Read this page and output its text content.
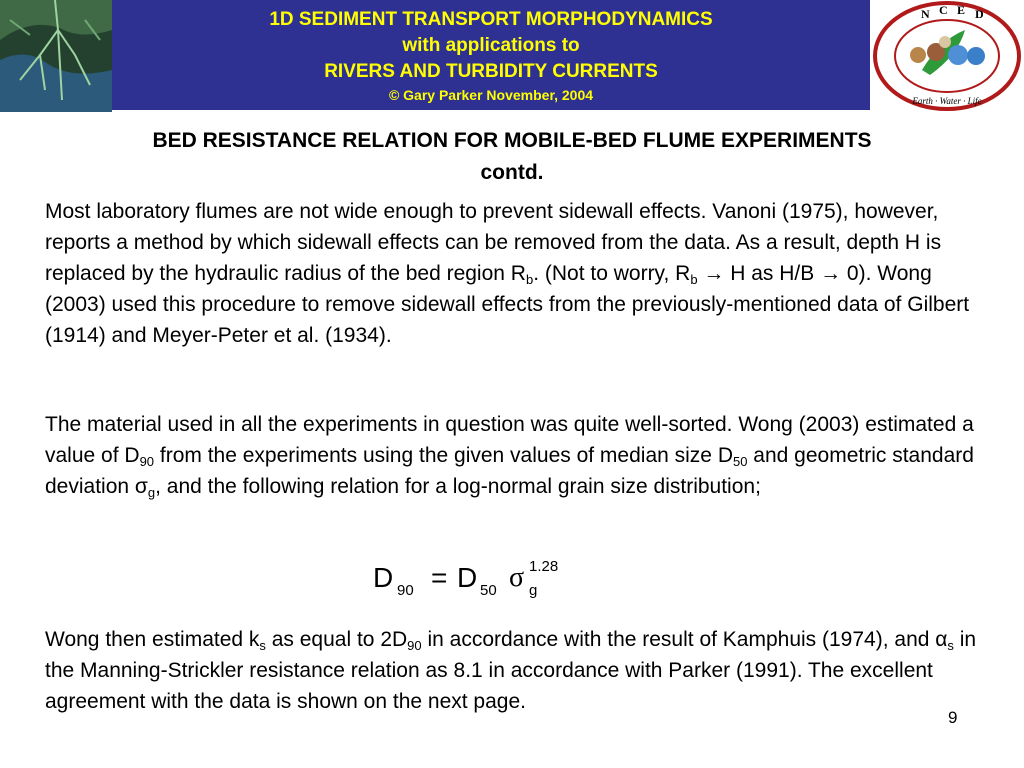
1D SEDIMENT TRANSPORT MORPHODYNAMICS
with applications to
RIVERS AND TURBIDITY CURRENTS
© Gary Parker November, 2004
N C E D
Earth · Water · Life
BED RESISTANCE RELATION FOR MOBILE-BED FLUME EXPERIMENTS
contd.
Most laboratory flumes are not wide enough to prevent sidewall effects. Vanoni (1975), however, reports a method by which sidewall effects can be removed from the data. As a result, depth H is replaced by the hydraulic radius of the bed region $R_b$. (Not to worry, $R_b \to H$ as H/B → 0). Wong (2003) used this procedure to remove sidewall effects from the previously-mentioned data of Gilbert (1914) and Meyer-Peter et al. (1934).
The material used in all the experiments in question was quite well-sorted. Wong (2003) estimated a value of $D_{90}$ from the experiments using the given values of median size $D_{50}$ and geometric standard deviation $\sigma_g$, and the following relation for a log-normal grain size distribution;
D 90 = D 50 σ g
1.28
Wong then estimated $k_s$ as equal to $2D_{90}$ in accordance with the result of Kamphuis (1974), and $\alpha_s$ in the Manning-Strickler resistance relation as 8.1 in accordance with Parker (1991). The excellent agreement with the data is shown on the next page.
9
